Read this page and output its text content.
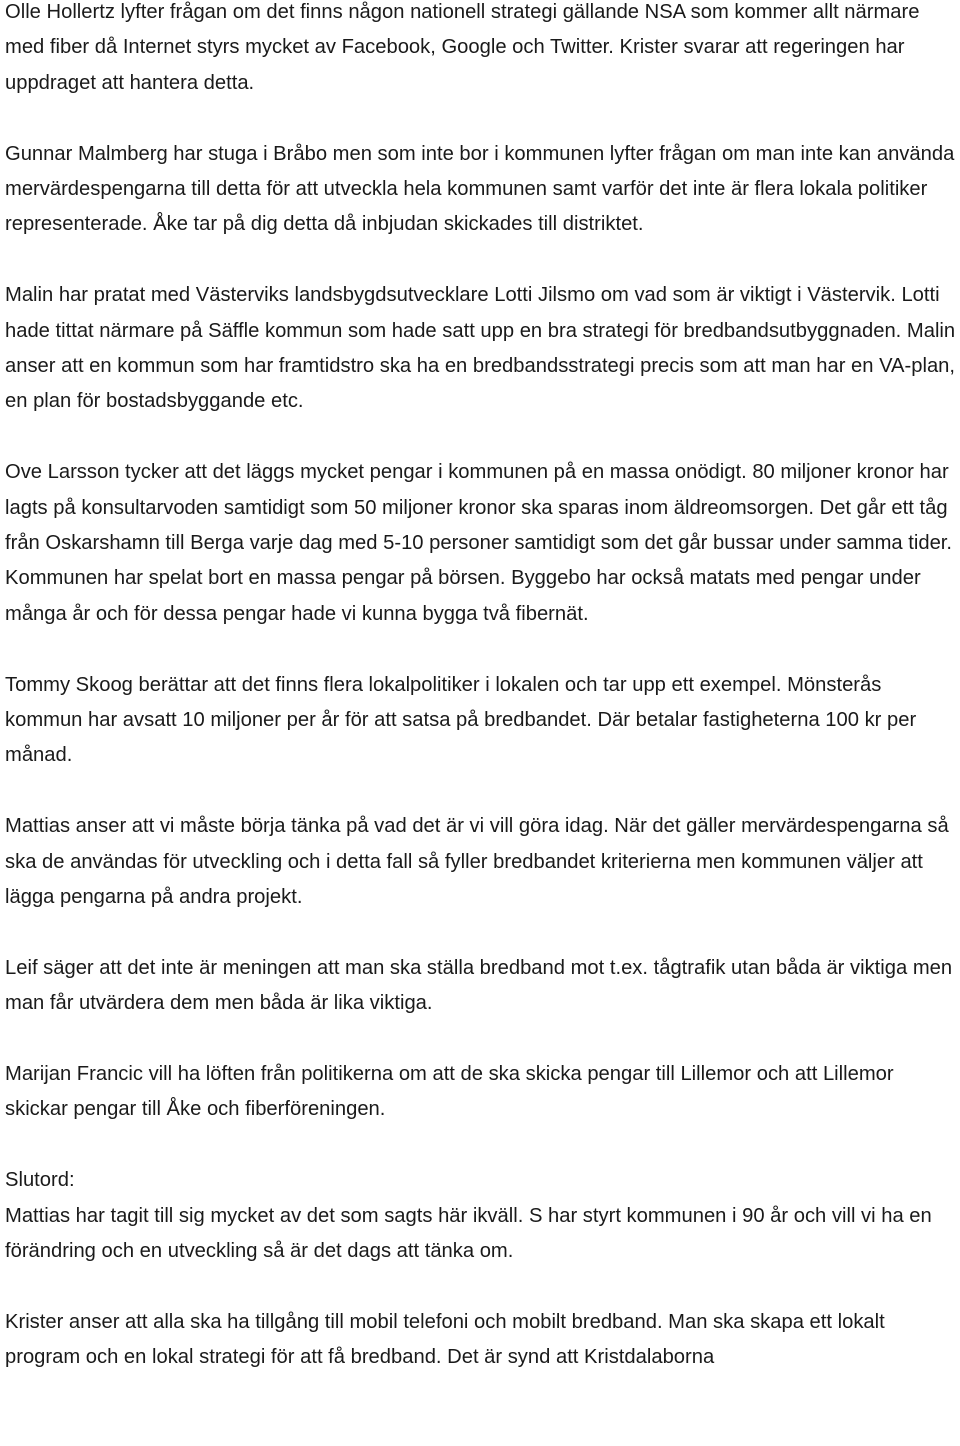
Olle Hollertz lyfter frågan om det finns någon nationell strategi gällande NSA som kommer allt närmare med fiber då Internet styrs mycket av Facebook, Google och Twitter. Krister svarar att regeringen har uppdraget att hantera detta.

Gunnar Malmberg har stuga i Bråbo men som inte bor i kommunen lyfter frågan om man inte kan använda mervärdespengarna till detta för att utveckla hela kommunen samt varför det inte är flera lokala politiker representerade. Åke tar på dig detta då inbjudan skickades till distriktet.

Malin har pratat med Västerviks landsbygdsutvecklare Lotti Jilsmo om vad som är viktigt i Västervik. Lotti hade tittat närmare på Säffle kommun som hade satt upp en bra strategi för bredbandsutbyggnaden. Malin anser att en kommun som har framtidstro ska ha en bredbandsstrategi precis som att man har en VA-plan, en plan för bostadsbyggande etc.

Ove Larsson tycker att det läggs mycket pengar i kommunen på en massa onödigt. 80 miljoner kronor har lagts på konsultarvoden samtidigt som 50 miljoner kronor ska sparas inom äldreomsorgen. Det går ett tåg från Oskarshamn till Berga varje dag med 5-10 personer samtidigt som det går bussar under samma tider. Kommunen har spelat bort en massa pengar på börsen. Byggebo har också matats med pengar under många år och för dessa pengar hade vi kunna bygga två fibernät.

Tommy Skoog berättar att det finns flera lokalpolitiker i lokalen och tar upp ett exempel. Mönsterås kommun har avsatt 10 miljoner per år för att satsa på bredbandet. Där betalar fastigheterna 100 kr per månad.

Mattias anser att vi måste börja tänka på vad det är vi vill göra idag. När det gäller mervärdespengarna så ska de användas för utveckling och i detta fall så fyller bredbandet kriterierna men kommunen väljer att lägga pengarna på andra projekt.

Leif säger att det inte är meningen att man ska ställa bredband mot t.ex. tågtrafik utan båda är viktiga men man får utvärdera dem men båda är lika viktiga.

Marijan Francic vill ha löften från politikerna om att de ska skicka pengar till Lillemor och att Lillemor skickar pengar till Åke och fiberföreningen.

Slutord:

Mattias har tagit till sig mycket av det som sagts här ikväll. S har styrt kommunen i 90 år och vill vi ha en förändring och en utveckling så är det dags att tänka om.

Krister anser att alla ska ha tillgång till mobil telefoni och mobilt bredband. Man ska skapa ett lokalt program och en lokal strategi för att få bredband. Det är synd att Kristdalaborna
